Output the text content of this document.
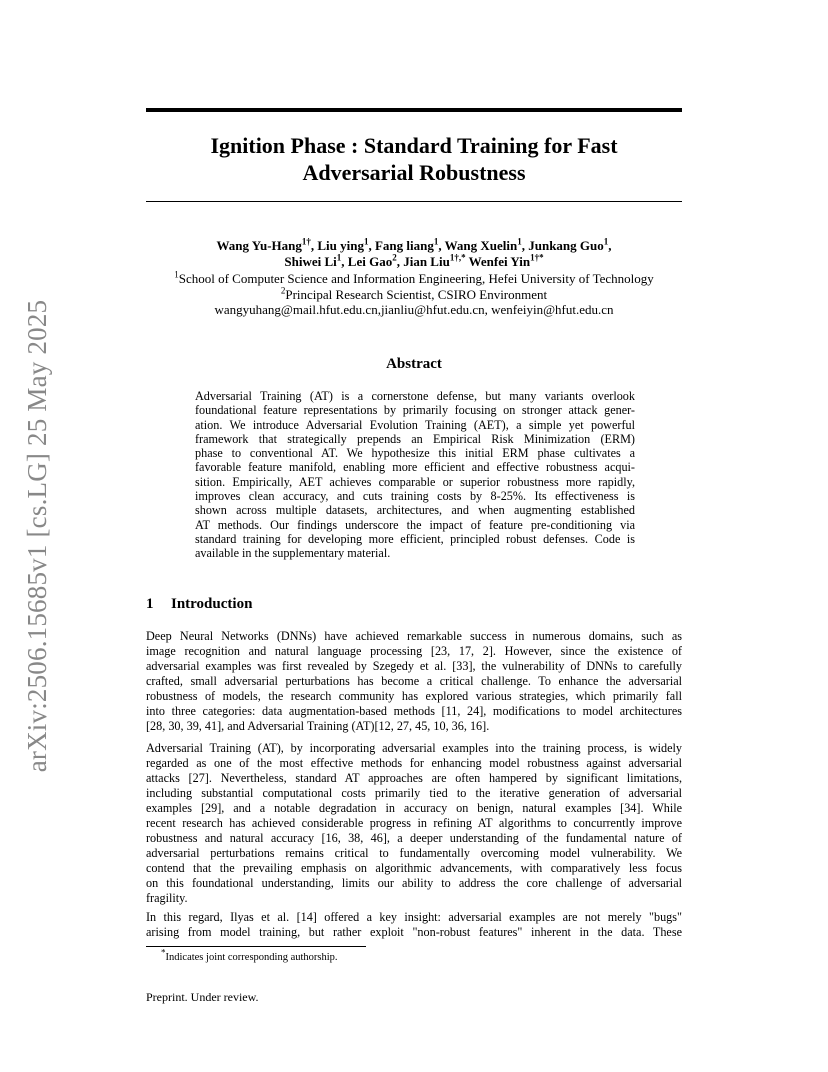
Ignition Phase : Standard Training for Fast
Adversarial Robustness
arXiv:2506.15685v1 [cs.LG] 25 May 2025
Wang Yu-Hang$^{1\dagger}$, Liu ying$^1$, Fang liang$^1$, Wang Xuelin$^1$, Junkang Guo$^1$,
Shiwei Li$^1$, Lei Gao$^2$, Jian Liu$^{1\dagger,*}$ Wenfei Yin$^{1\dagger*}$
$^1$School of Computer Science and Information Engineering, Hefei University of Technology
$^2$Principal Research Scientist, CSIRO Environment
wangyuhang@mail.hfut.edu.cn,jianliu@hfut.edu.cn, wenfeiyin@hfut.edu.cn
Abstract
Adversarial Training (AT) is a cornerstone defense, but many variants overlook
foundational feature representations by primarily focusing on stronger attack gener-
ation. We introduce Adversarial Evolution Training (AET), a simple yet powerful
framework that strategically prepends an Empirical Risk Minimization (ERM)
phase to conventional AT. We hypothesize this initial ERM phase cultivates a
favorable feature manifold, enabling more efficient and effective robustness acqui-
sition. Empirically, AET achieves comparable or superior robustness more rapidly,
improves clean accuracy, and cuts training costs by 8-25%. Its effectiveness is
shown across multiple datasets, architectures, and when augmenting established
AT methods. Our findings underscore the impact of feature pre-conditioning via
standard training for developing more efficient, principled robust defenses. Code is
available in the supplementary material.
1 Introduction
Deep Neural Networks (DNNs) have achieved remarkable success in numerous domains, such as
image recognition and natural language processing [23, 17, 2]. However, since the existence of
adversarial examples was first revealed by Szegedy et al. [33], the vulnerability of DNNs to carefully
crafted, small adversarial perturbations has become a critical challenge. To enhance the adversarial
robustness of models, the research community has explored various strategies, which primarily fall
into three categories: data augmentation-based methods [11, 24], modifications to model architectures
[28, 30, 39, 41], and Adversarial Training (AT)[12, 27, 45, 10, 36, 16].
Adversarial Training (AT), by incorporating adversarial examples into the training process, is widely
regarded as one of the most effective methods for enhancing model robustness against adversarial
attacks [27]. Nevertheless, standard AT approaches are often hampered by significant limitations,
including substantial computational costs primarily tied to the iterative generation of adversarial
examples [29], and a notable degradation in accuracy on benign, natural examples [34]. While
recent research has achieved considerable progress in refining AT algorithms to concurrently improve
robustness and natural accuracy [16, 38, 46], a deeper understanding of the fundamental nature of
adversarial perturbations remains critical to fundamentally overcoming model vulnerability. We
contend that the prevailing emphasis on algorithmic advancements, with comparatively less focus
on this foundational understanding, limits our ability to address the core challenge of adversarial
fragility.
In this regard, Ilyas et al. [14] offered a key insight: adversarial examples are not merely "bugs"
arising from model training, but rather exploit "non-robust features" inherent in the data. These
*Indicates joint corresponding authorship.
Preprint. Under review.
